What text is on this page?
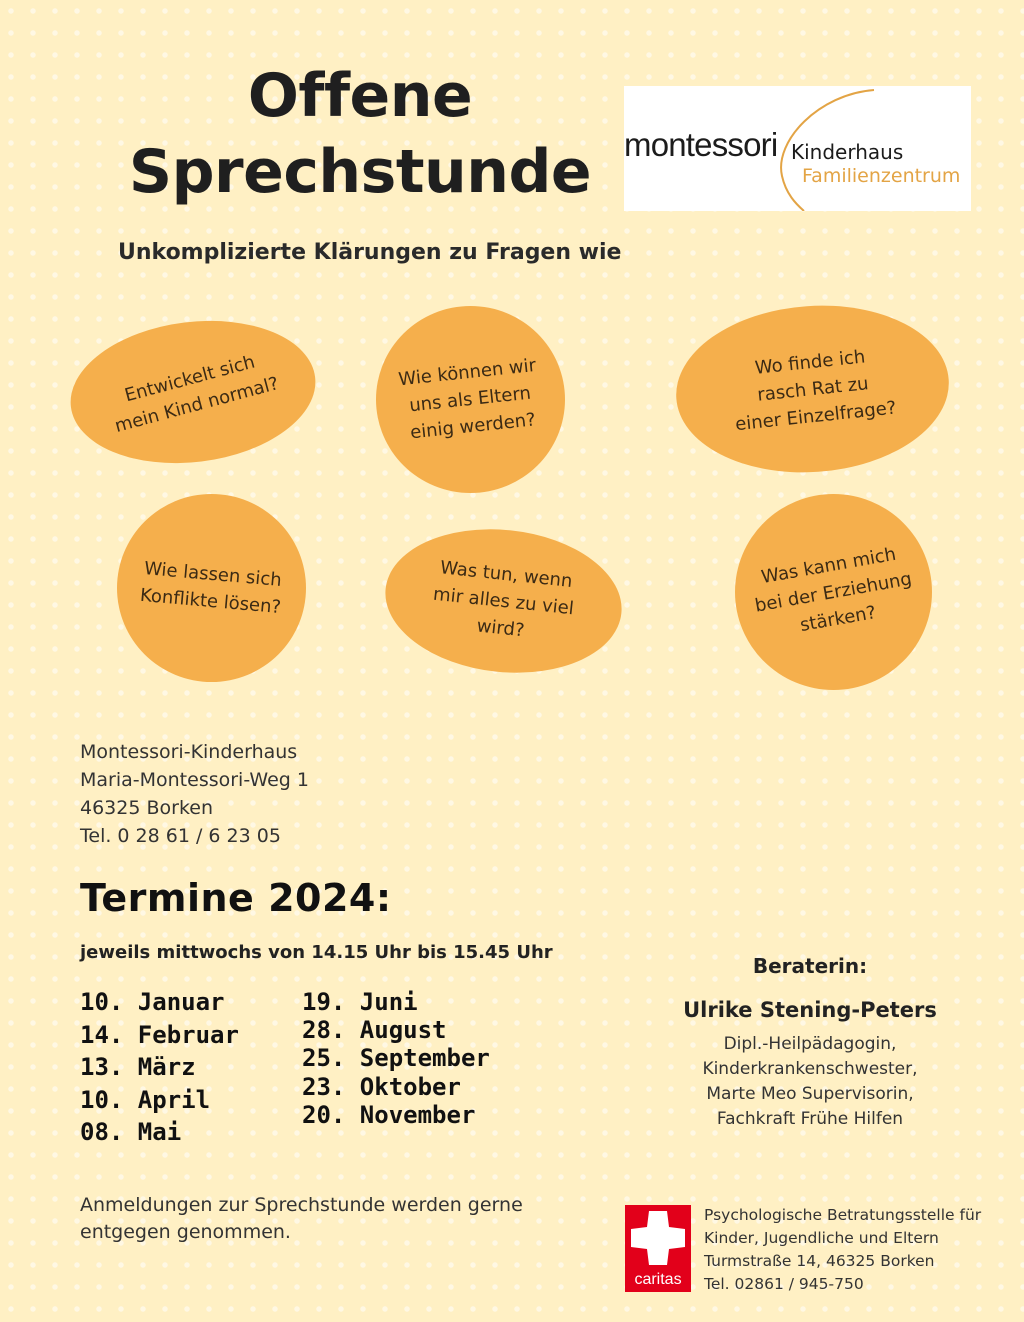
Offene
Sprechstunde montessori Kinderhaus
Familienzentrum
Unkomplizierte Klärungen zu Fragen wie
Entwickelt sich
mein Kind normal?
Wie können wir
uns als Eltern
einig werden?
Wo finde ich
rasch Rat zu
einer Einzelfrage?
Wie lassen sich
Konflikte lösen?
Was tun, wenn
mir alles zu viel
wird?
Was kann mich
bei der Erziehung
stärken?
Montessori-Kinderhaus
Maria-Montessori-Weg 1
46325 Borken
Tel. 0 28 61 / 6 23 05
Termine 2024:
jeweils mittwochs von 14.15 Uhr bis 15.45 Uhr
10. Januar
14. Februar
13. März
10. April
08. Mai
19. Juni
28. August
25. September
23. Oktober
20. November
Beraterin:
Ulrike Stening-Peters
Dipl.-Heilpädagogin,
Kinderkrankenschwester,
Marte Meo Supervisorin,
Fachkraft Frühe Hilfen
Anmeldungen zur Sprechstunde werden gerne entgegen genommen.
caritas
Psychologische Betratungsstelle für
Kinder, Jugendliche und Eltern
Turmstraße 14, 46325 Borken
Tel. 02861 / 945-750
